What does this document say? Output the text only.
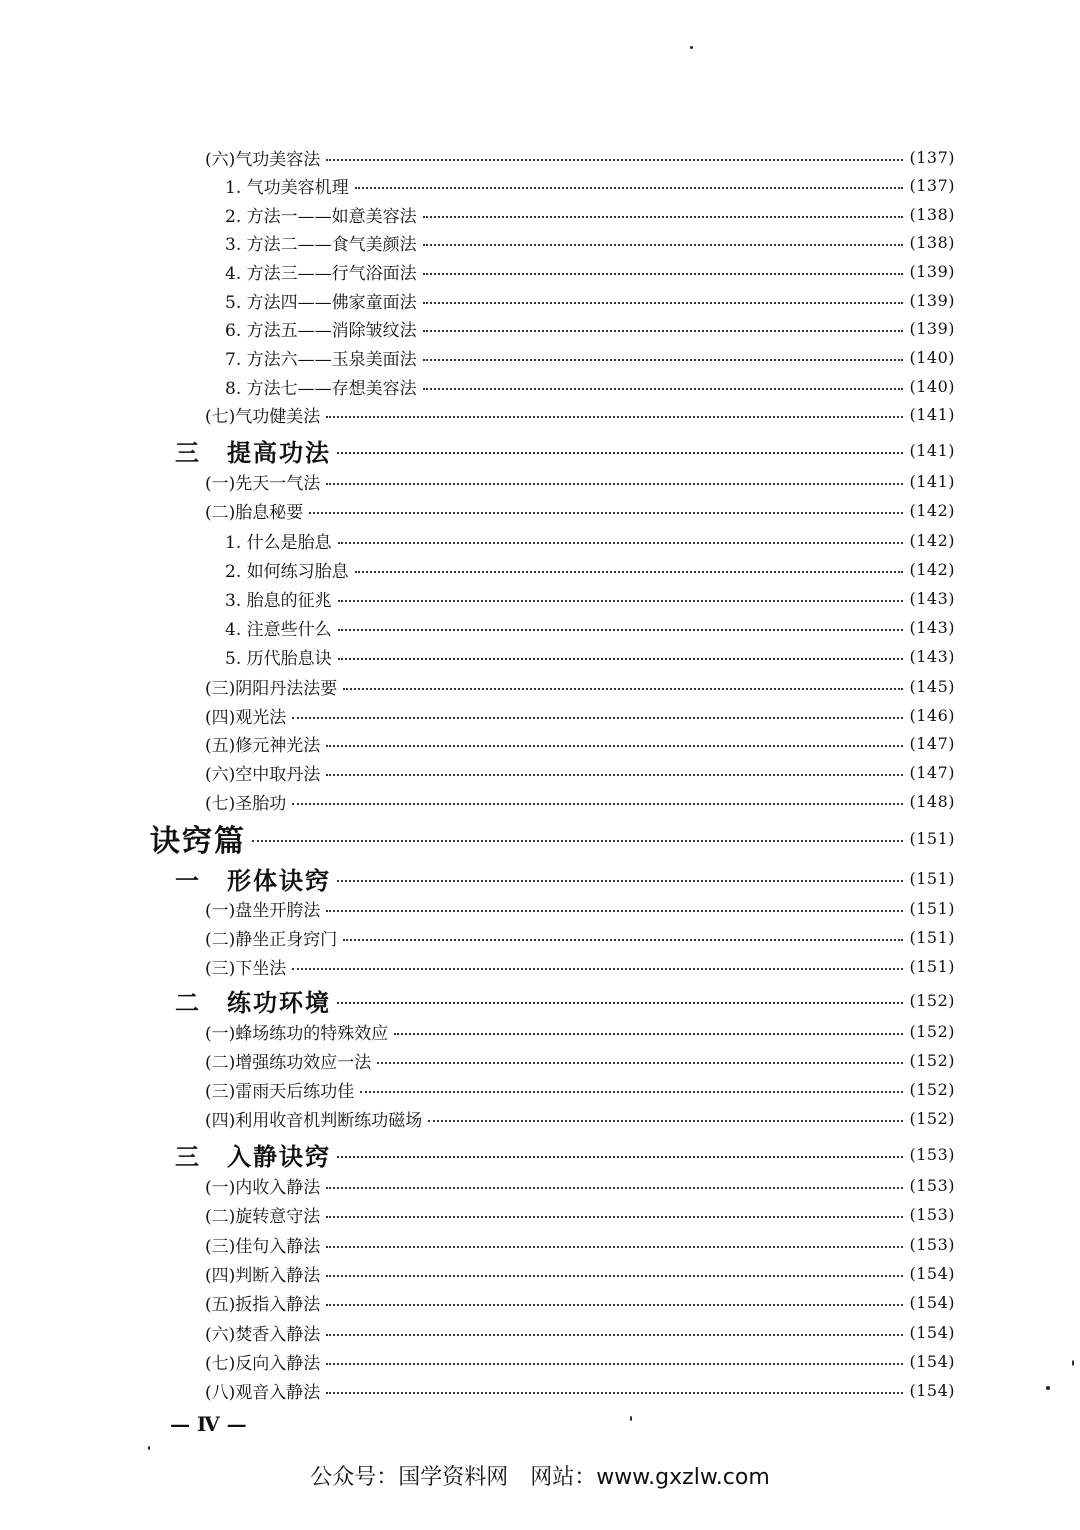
(六)气功美容法	(137)
1. 气功美容机理	(137)
2. 方法一——如意美容法	(138)
3. 方法二——食气美颜法	(138)
4. 方法三——行气浴面法	(139)
5. 方法四——佛家童面法	(139)
6. 方法五——消除皱纹法	(139)
7. 方法六——玉泉美面法	(140)
8. 方法七——存想美容法	(140)
(七)气功健美法	(141)
三　提高功法	(141)
(一)先天一气法	(141)
(二)胎息秘要	(142)
1. 什么是胎息	(142)
2. 如何练习胎息	(142)
3. 胎息的征兆	(143)
4. 注意些什么	(143)
5. 历代胎息诀	(143)
(三)阴阳丹法法要	(145)
(四)观光法	(146)
(五)修元神光法	(147)
(六)空中取丹法	(147)
(七)圣胎功	(148)
诀窍篇	(151)
一　形体诀窍	(151)
(一)盘坐开胯法	(151)
(二)静坐正身窍门	(151)
(三)下坐法	(151)
二　练功环境	(152)
(一)蜂场练功的特殊效应	(152)
(二)增强练功效应一法	(152)
(三)雷雨天后练功佳	(152)
(四)利用收音机判断练功磁场	(152)
三　入静诀窍	(153)
(一)内收入静法	(153)
(二)旋转意守法	(153)
(三)佳句入静法	(153)
(四)判断入静法	(154)
(五)扳指入静法	(154)
(六)焚香入静法	(154)
(七)反向入静法	(154)
(八)观音入静法	(154)
— Ⅳ —
公众号：国学资料网　网站：www.gxzlw.com
